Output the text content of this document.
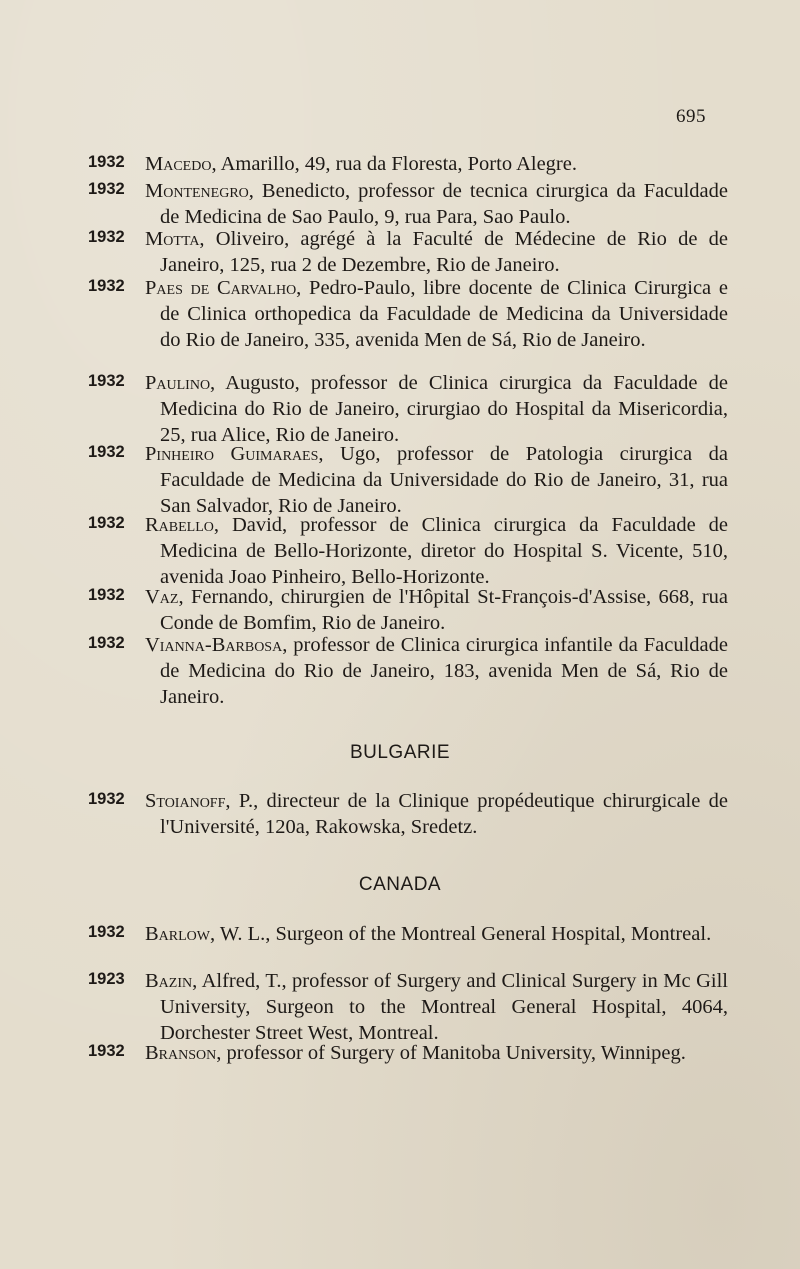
695
1932 Macedo, Amarillo, 49, rua da Floresta, Porto Alegre.
1932 Montenegro, Benedicto, professor de tecnica cirurgica da Faculdade de Medicina de Sao Paulo, 9, rua Para, Sao Paulo.
1932 Motta, Oliveiro, agrégé à la Faculté de Médecine de Rio de de Janeiro, 125, rua 2 de Dezembre, Rio de Janeiro.
1932 Paes de Carvalho, Pedro-Paulo, libre docente de Clinica Cirurgica e de Clinica orthopedica da Faculdade de Medicina da Universidade do Rio de Janeiro, 335, avenida Men de Sá, Rio de Janeiro.
1932 Paulino, Augusto, professor de Clinica cirurgica da Faculdade de Medicina do Rio de Janeiro, cirurgiao do Hospital da Misericordia, 25, rua Alice, Rio de Janeiro.
1932 Pinheiro Guimaraes, Ugo, professor de Patologia cirurgica da Faculdade de Medicina da Universidade do Rio de Janeiro, 31, rua San Salvador, Rio de Janeiro.
1932 Rabello, David, professor de Clinica cirurgica da Faculdade de Medicina de Bello-Horizonte, diretor do Hospital S. Vicente, 510, avenida Joao Pinheiro, Bello-Horizonte.
1932 Vaz, Fernando, chirurgien de l'Hôpital St-François-d'Assise, 668, rua Conde de Bomfim, Rio de Janeiro.
1932 Vianna-Barbosa, professor de Clinica cirurgica infantile da Faculdade de Medicina do Rio de Janeiro, 183, avenida Men de Sá, Rio de Janeiro.
BULGARIE
1932 Stoianoff, P., directeur de la Clinique propédeutique chirurgicale de l'Université, 120a, Rakowska, Sredetz.
CANADA
1932 Barlow, W. L., Surgeon of the Montreal General Hospital, Montreal.
1923 Bazin, Alfred, T., professor of Surgery and Clinical Surgery in Mc Gill University, Surgeon to the Montreal General Hospital, 4064, Dorchester Street West, Montreal.
1932 Branson, professor of Surgery of Manitoba University, Winnipeg.
